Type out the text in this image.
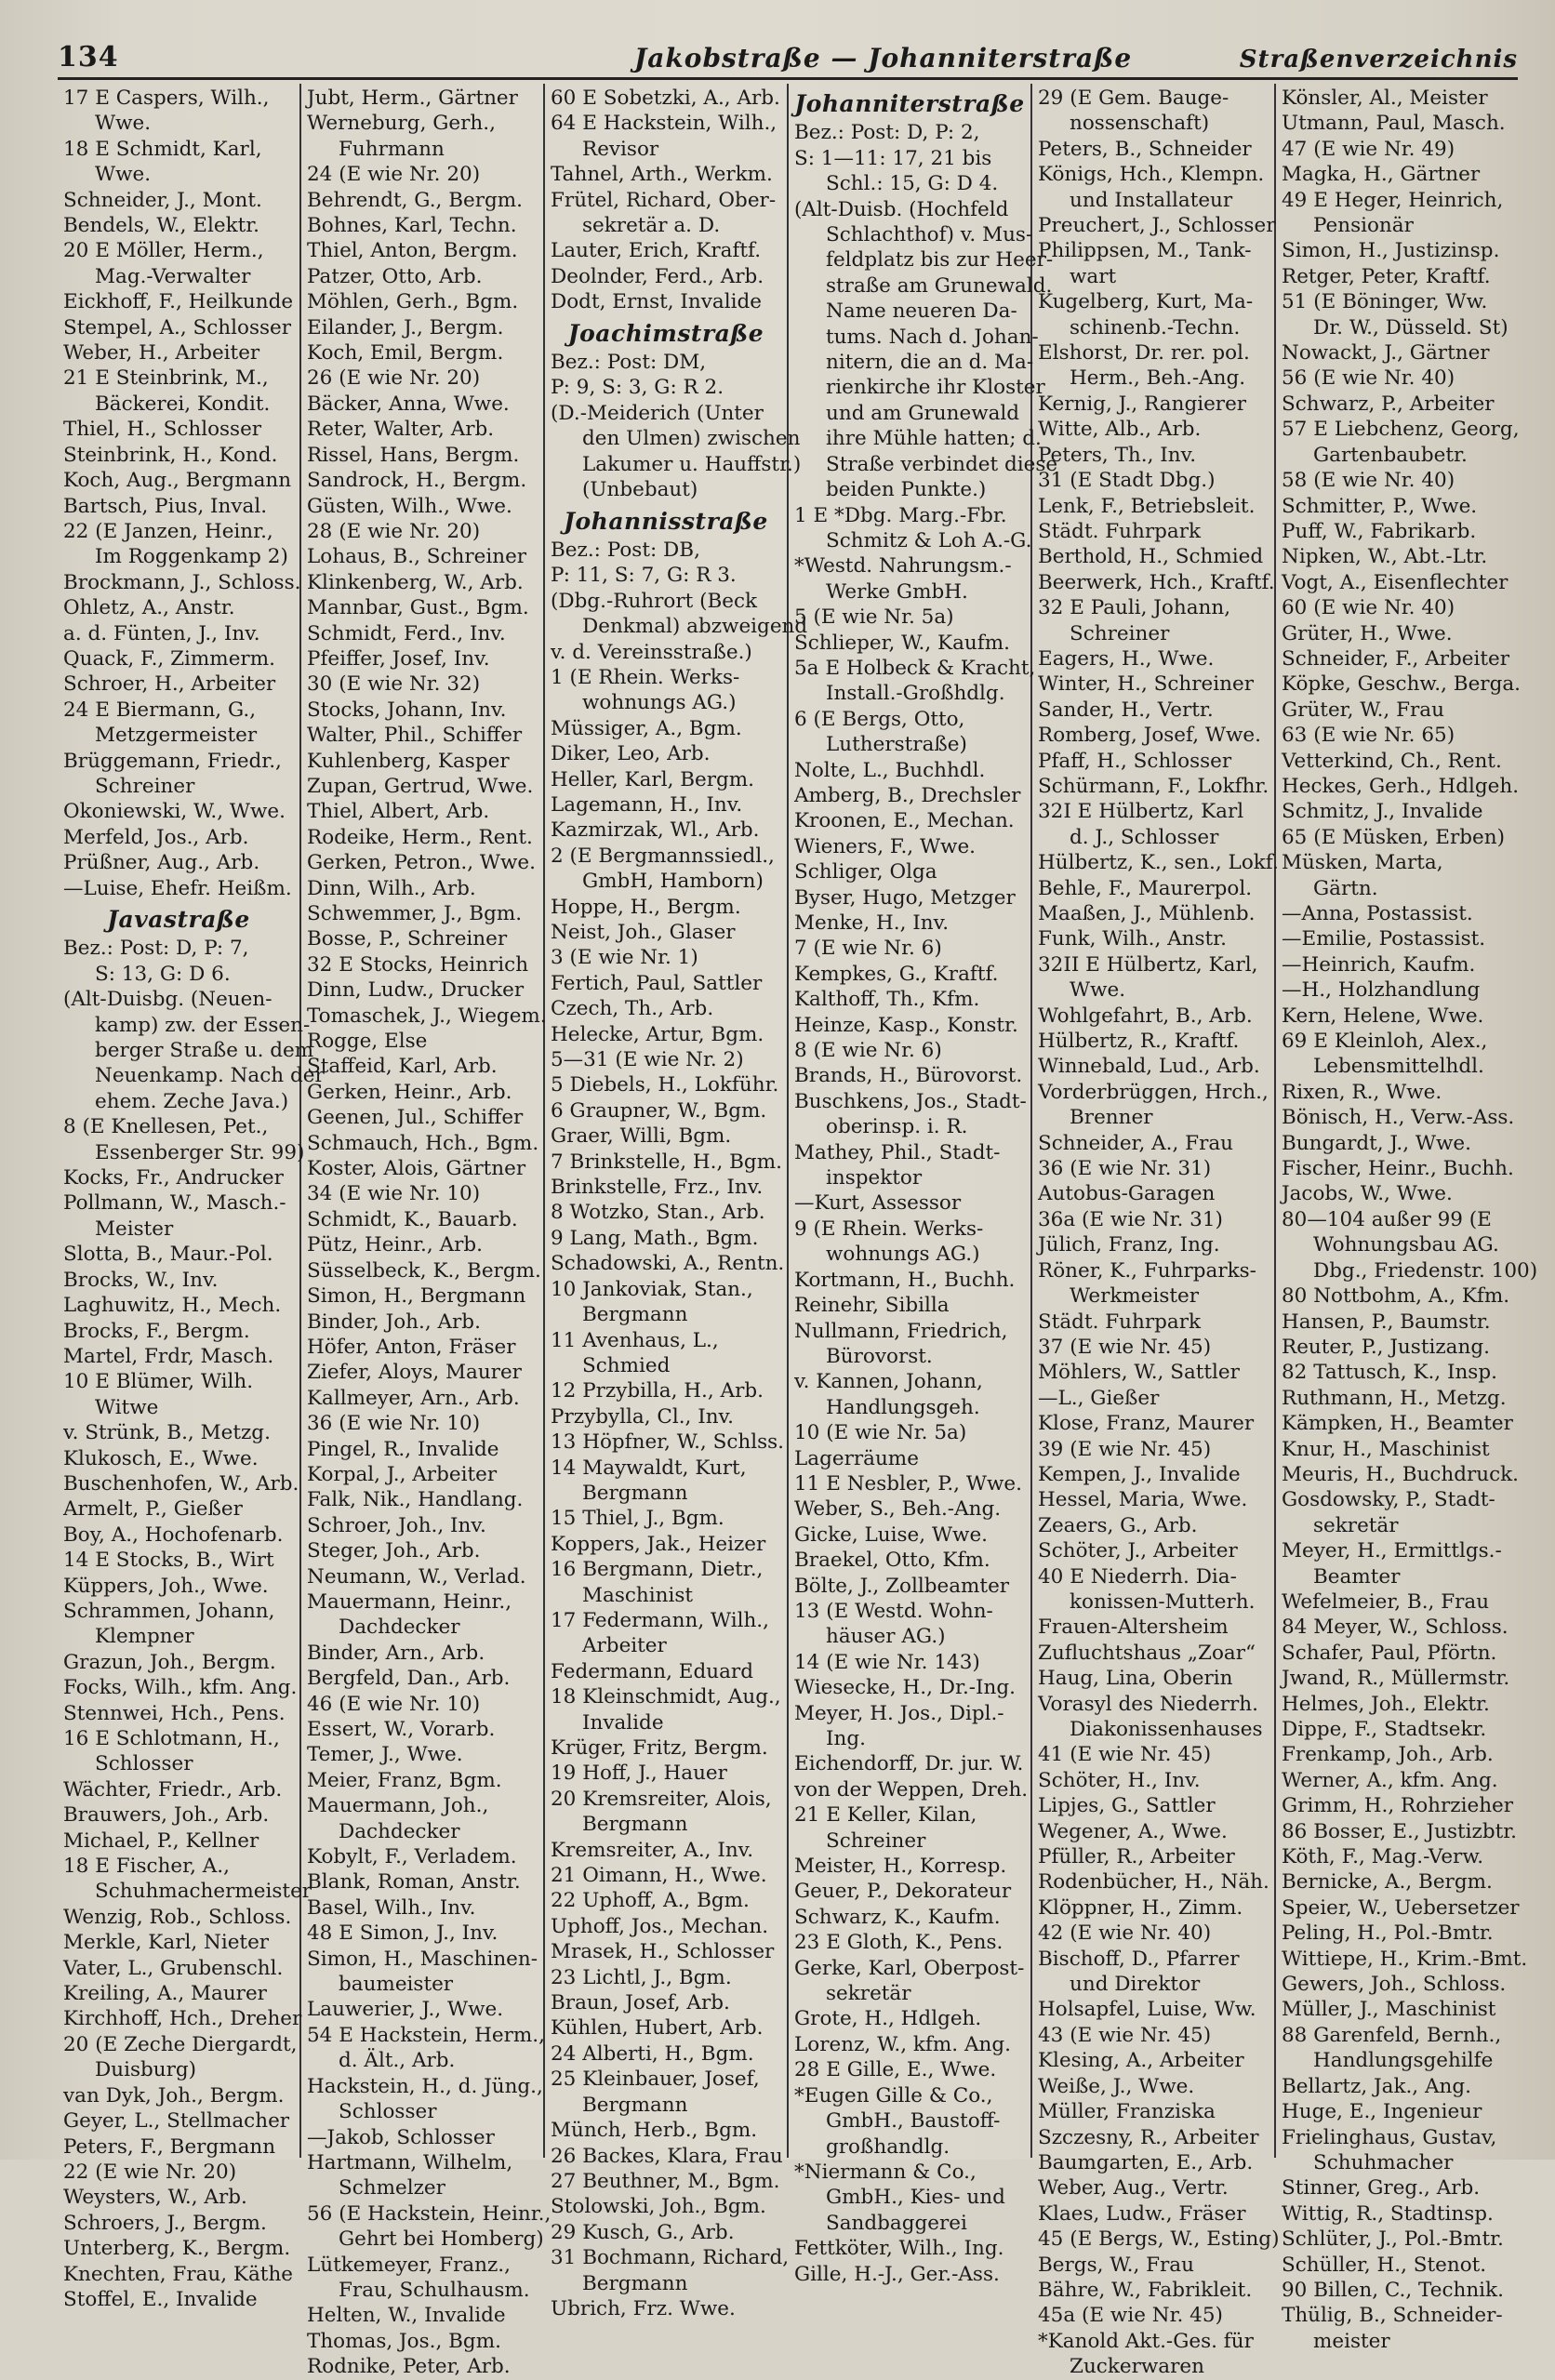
134	Jakobstraße — Johanniterstraße	Straßenverzeichnis
17 E Caspers, Wilh.,
Wwe.
18 E Schmidt, Karl,
Wwe.
Schneider, J., Mont.
Bendels, W., Elektr.
20 E Möller, Herm.,
Mag.-Verwalter
Eickhoff, F., Heilkunde
Stempel, A., Schlosser
Weber, H., Arbeiter
21 E Steinbrink, M.,
Bäckerei, Kondit.
Thiel, H., Schlosser
Steinbrink, H., Kond.
Koch, Aug., Bergmann
Bartsch, Pius, Inval.
22 (E Janzen, Heinr.,
Im Roggenkamp 2)
Brockmann, J., Schloss.
Ohletz, A., Anstr.
a. d. Fünten, J., Inv.
Quack, F., Zimmerm.
Schroer, H., Arbeiter
24 E Biermann, G.,
Metzgermeister
Brüggemann, Friedr.,
Schreiner
Okoniewski, W., Wwe.
Merfeld, Jos., Arb.
Prüßner, Aug., Arb.
—Luise, Ehefr. Heißm.
Javastraße
Bez.: Post: D, P: 7,
S: 13, G: D 6.
(Alt-Duisbg. (Neuen-
kamp) zw. der Essen-
berger Straße u. dem
Neuenkamp. Nach der
ehem. Zeche Java.)
8 (E Knellesen, Pet.,
Essenberger Str. 99)
Kocks, Fr., Andrucker
Pollmann, W., Masch.-
Meister
Slotta, B., Maur.-Pol.
Brocks, W., Inv.
Laghuwitz, H., Mech.
Brocks, F., Bergm.
Martel, Frdr, Masch.
10 E Blümer, Wilh.
Witwe
v. Strünk, B., Metzg.
Klukosch, E., Wwe.
Buschenhofen, W., Arb.
Armelt, P., Gießer
Boy, A., Hochofenarb.
14 E Stocks, B., Wirt
Küppers, Joh., Wwe.
Schrammen, Johann,
Klempner
Grazun, Joh., Bergm.
Focks, Wilh., kfm. Ang.
Stennwei, Hch., Pens.
16 E Schlotmann, H.,
Schlosser
Wächter, Friedr., Arb.
Brauwers, Joh., Arb.
Michael, P., Kellner
18 E Fischer, A.,
Schuhmachermeister
Wenzig, Rob., Schloss.
Merkle, Karl, Nieter
Vater, L., Grubenschl.
Kreiling, A., Maurer
Kirchhoff, Hch., Dreher
20 (E Zeche Diergardt,
Duisburg)
van Dyk, Joh., Bergm.
Geyer, L., Stellmacher
Peters, F., Bergmann
22 (E wie Nr. 20)
Weysters, W., Arb.
Schroers, J., Bergm.
Unterberg, K., Bergm.
Knechten, Frau, Käthe
Stoffel, E., Invalide
Jubt, Herm., Gärtner
Werneburg, Gerh.,
Fuhrmann
24 (E wie Nr. 20)
Behrendt, G., Bergm.
Bohnes, Karl, Techn.
Thiel, Anton, Bergm.
Patzer, Otto, Arb.
Möhlen, Gerh., Bgm.
Eilander, J., Bergm.
Koch, Emil, Bergm.
26 (E wie Nr. 20)
Bäcker, Anna, Wwe.
Reter, Walter, Arb.
Rissel, Hans, Bergm.
Sandrock, H., Bergm.
Güsten, Wilh., Wwe.
28 (E wie Nr. 20)
Lohaus, B., Schreiner
Klinkenberg, W., Arb.
Mannbar, Gust., Bgm.
Schmidt, Ferd., Inv.
Pfeiffer, Josef, Inv.
30 (E wie Nr. 32)
Stocks, Johann, Inv.
Walter, Phil., Schiffer
Kuhlenberg, Kasper
Zupan, Gertrud, Wwe.
Thiel, Albert, Arb.
Rodeike, Herm., Rent.
Gerken, Petron., Wwe.
Dinn, Wilh., Arb.
Schwemmer, J., Bgm.
Bosse, P., Schreiner
32 E Stocks, Heinrich
Dinn, Ludw., Drucker
Tomaschek, J., Wiegem.
Rogge, Else
Staffeid, Karl, Arb.
Gerken, Heinr., Arb.
Geenen, Jul., Schiffer
Schmauch, Hch., Bgm.
Koster, Alois, Gärtner
34 (E wie Nr. 10)
Schmidt, K., Bauarb.
Pütz, Heinr., Arb.
Süsselbeck, K., Bergm.
Simon, H., Bergmann
Binder, Joh., Arb.
Höfer, Anton, Fräser
Ziefer, Aloys, Maurer
Kallmeyer, Arn., Arb.
36 (E wie Nr. 10)
Pingel, R., Invalide
Korpal, J., Arbeiter
Falk, Nik., Handlang.
Schroer, Joh., Inv.
Steger, Joh., Arb.
Neumann, W., Verlad.
Mauermann, Heinr.,
Dachdecker
Binder, Arn., Arb.
Bergfeld, Dan., Arb.
46 (E wie Nr. 10)
Essert, W., Vorarb.
Temer, J., Wwe.
Meier, Franz, Bgm.
Mauermann, Joh.,
Dachdecker
Kobylt, F., Verladem.
Blank, Roman, Anstr.
Basel, Wilh., Inv.
48 E Simon, J., Inv.
Simon, H., Maschinen-
baumeister
Lauwerier, J., Wwe.
54 E Hackstein, Herm.,
d. Ält., Arb.
Hackstein, H., d. Jüng.,
Schlosser
—Jakob, Schlosser
Hartmann, Wilhelm,
Schmelzer
56 (E Hackstein, Heinr.,
Gehrt bei Homberg)
Lütkemeyer, Franz.,
Frau, Schulhausm.
Helten, W., Invalide
Thomas, Jos., Bgm.
Rodnike, Peter, Arb.
60 E Sobetzki, A., Arb.
64 E Hackstein, Wilh.,
Revisor
Tahnel, Arth., Werkm.
Frütel, Richard, Ober-
sekretär a. D.
Lauter, Erich, Kraftf.
Deolnder, Ferd., Arb.
Dodt, Ernst, Invalide
Joachimstraße
Bez.: Post: DM,
P: 9, S: 3, G: R 2.
(D.-Meiderich (Unter
den Ulmen) zwischen
Lakumer u. Hauffstr.)
(Unbebaut)
Johannisstraße
Bez.: Post: DB,
P: 11, S: 7, G: R 3.
(Dbg.-Ruhrort (Beck
Denkmal) abzweigend
v. d. Vereinsstraße.)
1 (E Rhein. Werks-
wohnungs AG.)
Müssiger, A., Bgm.
Diker, Leo, Arb.
Heller, Karl, Bergm.
Lagemann, H., Inv.
Kazmirzak, Wl., Arb.
2 (E Bergmannssiedl.,
GmbH, Hamborn)
Hoppe, H., Bergm.
Neist, Joh., Glaser
3 (E wie Nr. 1)
Fertich, Paul, Sattler
Czech, Th., Arb.
Helecke, Artur, Bgm.
5—31 (E wie Nr. 2)
5 Diebels, H., Lokführ.
6 Graupner, W., Bgm.
Graer, Willi, Bgm.
7 Brinkstelle, H., Bgm.
Brinkstelle, Frz., Inv.
8 Wotzko, Stan., Arb.
9 Lang, Math., Bgm.
Schadowski, A., Rentn.
10 Jankoviak, Stan.,
Bergmann
11 Avenhaus, L.,
Schmied
12 Przybilla, H., Arb.
Przybylla, Cl., Inv.
13 Höpfner, W., Schlss.
14 Maywaldt, Kurt,
Bergmann
15 Thiel, J., Bgm.
Koppers, Jak., Heizer
16 Bergmann, Dietr.,
Maschinist
17 Federmann, Wilh.,
Arbeiter
Federmann, Eduard
18 Kleinschmidt, Aug.,
Invalide
Krüger, Fritz, Bergm.
19 Hoff, J., Hauer
20 Kremsreiter, Alois,
Bergmann
Kremsreiter, A., Inv.
21 Oimann, H., Wwe.
22 Uphoff, A., Bgm.
Uphoff, Jos., Mechan.
Mrasek, H., Schlosser
23 Lichtl, J., Bgm.
Braun, Josef, Arb.
Kühlen, Hubert, Arb.
24 Alberti, H., Bgm.
25 Kleinbauer, Josef,
Bergmann
Münch, Herb., Bgm.
26 Backes, Klara, Frau
27 Beuthner, M., Bgm.
Stolowski, Joh., Bgm.
29 Kusch, G., Arb.
31 Bochmann, Richard,
Bergmann
Ubrich, Frz. Wwe.
Johanniterstraße
Bez.: Post: D, P: 2,
S: 1—11: 17, 21 bis
Schl.: 15, G: D 4.
(Alt-Duisb. (Hochfeld
Schlachthof) v. Mus-
feldplatz bis zur Heer-
straße am Grunewald.
Name neueren Da-
tums. Nach d. Johan-
nitern, die an d. Ma-
rienkirche ihr Kloster
und am Grunewald
ihre Mühle hatten; d.
Straße verbindet diese
beiden Punkte.)
1 E *Dbg. Marg.-Fbr.
Schmitz & Loh A.-G.
*Westd. Nahrungsm.-
Werke GmbH.
5 (E wie Nr. 5a)
Schlieper, W., Kaufm.
5a E Holbeck & Kracht,
Install.-Großhdlg.
6 (E Bergs, Otto,
Lutherstraße)
Nolte, L., Buchhdl.
Amberg, B., Drechsler
Kroonen, E., Mechan.
Wieners, F., Wwe.
Schliger, Olga
Byser, Hugo, Metzger
Menke, H., Inv.
7 (E wie Nr. 6)
Kempkes, G., Kraftf.
Kalthoff, Th., Kfm.
Heinze, Kasp., Konstr.
8 (E wie Nr. 6)
Brands, H., Bürovorst.
Buschkens, Jos., Stadt-
oberinsp. i. R.
Mathey, Phil., Stadt-
inspektor
—Kurt, Assessor
9 (E Rhein. Werks-
wohnungs AG.)
Kortmann, H., Buchh.
Reinehr, Sibilla
Nullmann, Friedrich,
Bürovorst.
v. Kannen, Johann,
Handlungsgeh.
10 (E wie Nr. 5a)
Lagerräume
11 E Nesbler, P., Wwe.
Weber, S., Beh.-Ang.
Gicke, Luise, Wwe.
Braekel, Otto, Kfm.
Bölte, J., Zollbeamter
13 (E Westd. Wohn-
häuser AG.)
14 (E wie Nr. 143)
Wiesecke, H., Dr.-Ing.
Meyer, H. Jos., Dipl.-
Ing.
Eichendorff, Dr. jur. W.
von der Weppen, Dreh.
21 E Keller, Kilan,
Schreiner
Meister, H., Korresp.
Geuer, P., Dekorateur
Schwarz, K., Kaufm.
23 E Gloth, K., Pens.
Gerke, Karl, Oberpost-
sekretär
Grote, H., Hdlgeh.
Lorenz, W., kfm. Ang.
28 E Gille, E., Wwe.
*Eugen Gille & Co.,
GmbH., Baustoff-
großhandlg.
*Niermann & Co.,
GmbH., Kies- und
Sandbaggerei
Fettköter, Wilh., Ing.
Gille, H.-J., Ger.-Ass.
29 (E Gem. Bauge-
nossenschaft)
Peters, B., Schneider
Königs, Hch., Klempn.
und Installateur
Preuchert, J., Schlosser
Philippsen, M., Tank-
wart
Kugelberg, Kurt, Ma-
schinenb.-Techn.
Elshorst, Dr. rer. pol.
Herm., Beh.-Ang.
Kernig, J., Rangierer
Witte, Alb., Arb.
Peters, Th., Inv.
31 (E Stadt Dbg.)
Lenk, F., Betriebsleit.
Städt. Fuhrpark
Berthold, H., Schmied
Beerwerk, Hch., Kraftf.
32 E Pauli, Johann,
Schreiner
Eagers, H., Wwe.
Winter, H., Schreiner
Sander, H., Vertr.
Romberg, Josef, Wwe.
Pfaff, H., Schlosser
Schürmann, F., Lokfhr.
32I E Hülbertz, Karl
d. J., Schlosser
Hülbertz, K., sen., Lokf.
Behle, F., Maurerpol.
Maaßen, J., Mühlenb.
Funk, Wilh., Anstr.
32II E Hülbertz, Karl,
Wwe.
Wohlgefahrt, B., Arb.
Hülbertz, R., Kraftf.
Winnebald, Lud., Arb.
Vorderbrüggen, Hrch.,
Brenner
Schneider, A., Frau
36 (E wie Nr. 31)
Autobus-Garagen
36a (E wie Nr. 31)
Jülich, Franz, Ing.
Röner, K., Fuhrparks-
Werkmeister
Städt. Fuhrpark
37 (E wie Nr. 45)
Möhlers, W., Sattler
—L., Gießer
Klose, Franz, Maurer
39 (E wie Nr. 45)
Kempen, J., Invalide
Hessel, Maria, Wwe.
Zeaers, G., Arb.
Schöter, J., Arbeiter
40 E Niederrh. Dia-
konissen-Mutterh.
Frauen-Altersheim
Zufluchtshaus „Zoar“
Haug, Lina, Oberin
Vorasyl des Niederrh.
Diakonissenhauses
41 (E wie Nr. 45)
Schöter, H., Inv.
Lipjes, G., Sattler
Wegener, A., Wwe.
Pfüller, R., Arbeiter
Rodenbücher, H., Näh.
Klöppner, H., Zimm.
42 (E wie Nr. 40)
Bischoff, D., Pfarrer
und Direktor
Holsapfel, Luise, Ww.
43 (E wie Nr. 45)
Klesing, A., Arbeiter
Weiße, J., Wwe.
Müller, Franziska
Szczesny, R., Arbeiter
Baumgarten, E., Arb.
Weber, Aug., Vertr.
Klaes, Ludw., Fräser
45 (E Bergs, W., Esting)
Bergs, W., Frau
Bähre, W., Fabrikleit.
45a (E wie Nr. 45)
*Kanold Akt.-Ges. für
Zuckerwaren
Könsler, Al., Meister
Utmann, Paul, Masch.
47 (E wie Nr. 49)
Magka, H., Gärtner
49 E Heger, Heinrich,
Pensionär
Simon, H., Justizinsp.
Retger, Peter, Kraftf.
51 (E Böninger, Ww.
Dr. W., Düsseld. St)
Nowackt, J., Gärtner
56 (E wie Nr. 40)
Schwarz, P., Arbeiter
57 E Liebchenz, Georg,
Gartenbaubetr.
58 (E wie Nr. 40)
Schmitter, P., Wwe.
Puff, W., Fabrikarb.
Nipken, W., Abt.-Ltr.
Vogt, A., Eisenflechter
60 (E wie Nr. 40)
Grüter, H., Wwe.
Schneider, F., Arbeiter
Köpke, Geschw., Berga.
Grüter, W., Frau
63 (E wie Nr. 65)
Vetterkind, Ch., Rent.
Heckes, Gerh., Hdlgeh.
Schmitz, J., Invalide
65 (E Müsken, Erben)
Müsken, Marta,
Gärtn.
—Anna, Postassist.
—Emilie, Postassist.
—Heinrich, Kaufm.
—H., Holzhandlung
Kern, Helene, Wwe.
69 E Kleinloh, Alex.,
Lebensmittelhdl.
Rixen, R., Wwe.
Bönisch, H., Verw.-Ass.
Bungardt, J., Wwe.
Fischer, Heinr., Buchh.
Jacobs, W., Wwe.
80—104 außer 99 (E
Wohnungsbau AG.
Dbg., Friedenstr. 100)
80 Nottbohm, A., Kfm.
Hansen, P., Baumstr.
Reuter, P., Justizang.
82 Tattusch, K., Insp.
Ruthmann, H., Metzg.
Kämpken, H., Beamter
Knur, H., Maschinist
Meuris, H., Buchdruck.
Gosdowsky, P., Stadt-
sekretär
Meyer, H., Ermittlgs.-
Beamter
Wefelmeier, B., Frau
84 Meyer, W., Schloss.
Schafer, Paul, Pförtn.
Jwand, R., Müllermstr.
Helmes, Joh., Elektr.
Dippe, F., Stadtsekr.
Frenkamp, Joh., Arb.
Werner, A., kfm. Ang.
Grimm, H., Rohrzieher
86 Bosser, E., Justizbtr.
Köth, F., Mag.-Verw.
Bernicke, A., Bergm.
Speier, W., Uebersetzer
Peling, H., Pol.-Bmtr.
Wittiepe, H., Krim.-Bmt.
Gewers, Joh., Schloss.
Müller, J., Maschinist
88 Garenfeld, Bernh.,
Handlungsgehilfe
Bellartz, Jak., Ang.
Huge, E., Ingenieur
Frielinghaus, Gustav,
Schuhmacher
Stinner, Greg., Arb.
Wittig, R., Stadtinsp.
Schlüter, J., Pol.-Bmtr.
Schüller, H., Stenot.
90 Billen, C., Technik.
Thülig, B., Schneider-
meister
